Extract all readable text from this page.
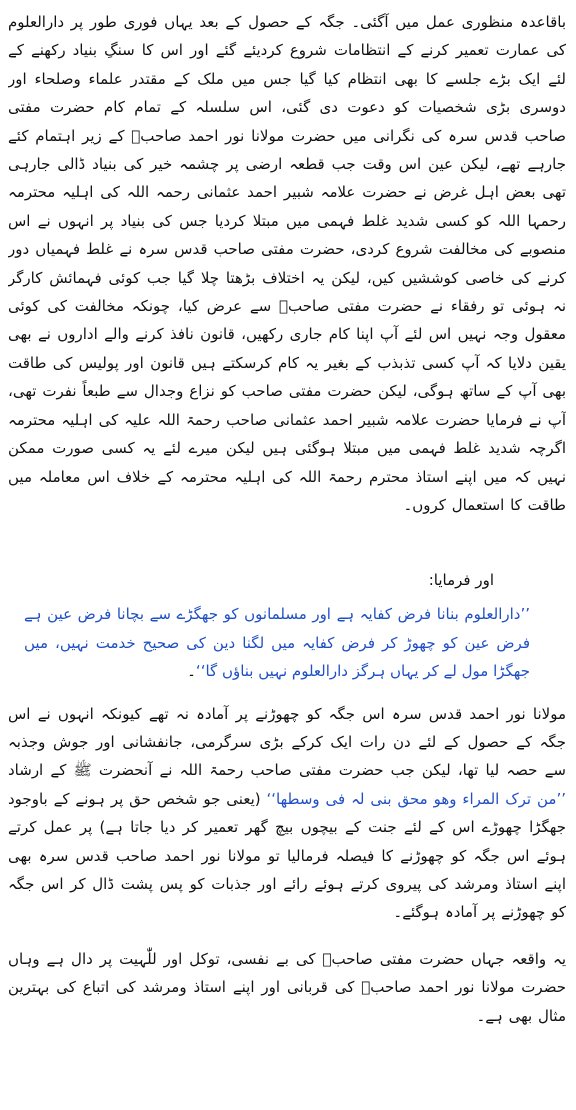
باقاعدہ منظوری عمل میں آگئی۔ جگہ کے حصول کے بعد یہاں فوری طور پر دارالعلوم کی عمارت تعمیر کرنے کے انتظامات شروع کردیئے گئے اور اس کا سنگِ بنیاد رکھنے کے لئے ایک بڑے جلسے کا بھی انتظام کیا گیا جس میں ملک کے مقتدر علماء وصلحاء اور دوسری بڑی شخصیات کو دعوت دی گئی، اس سلسلہ کے تمام کام حضرت مفتی صاحب قدس سرہ کی نگرانی میں حضرت مولانا نور احمد صاحبؒ کے زیر اہتمام کئے جارہے تھے، لیکن عین اس وقت جب قطعہ ارضی پر چشمہ خیر کی بنیاد ڈالی جارہی تھی بعض اہل غرض نے حضرت علامہ شبیر احمد عثمانی رحمہ اللہ کی اہلیہ محترمہ رحمہا اللہ کو کسی شدید غلط فہمی میں مبتلا کردیا جس کی بنیاد پر انہوں نے اس منصوبے کی مخالفت شروع کردی، حضرت مفتی صاحب قدس سرہ نے غلط فہمیاں دور کرنے کی خاصی کوششیں کیں، لیکن یہ اختلاف بڑھتا چلا گیا جب کوئی فہمائش کارگر نہ ہوئی تو رفقاء نے حضرت مفتی صاحبؒ سے عرض کیا، چونکہ مخالفت کی کوئی معقول وجہ نہیں اس لئے آپ اپنا کام جاری رکھیں، قانون نافذ کرنے والے اداروں نے بھی یقین دلایا کہ آپ کسی تذبذب کے بغیر یہ کام کرسکتے ہیں قانون اور پولیس کی طاقت بھی آپ کے ساتھ ہوگی، لیکن حضرت مفتی صاحب کو نزاع وجدال سے طبعاً نفرت تھی، آپ نے فرمایا حضرت علامہ شبیر احمد عثمانی صاحب رحمۃ اللہ علیہ کی اہلیہ محترمہ اگرچہ شدید غلط فہمی میں مبتلا ہوگئی ہیں لیکن میرے لئے یہ کسی صورت ممکن نہیں کہ میں اپنے استاذ محترم رحمۃ اللہ کی اہلیہ محترمہ کے خلاف اس معاملہ میں طاقت کا استعمال کروں۔

اور فرمایا:

’’دارالعلوم بنانا فرض کفایہ ہے اور مسلمانوں کو جھگڑے سے بچانا فرض عین ہے فرض عین کو چھوڑ کر فرض کفایہ میں لگنا دین کی صحیح خدمت نہیں، میں جھگڑا مول لے کر یہاں ہرگز دارالعلوم نہیں بناؤں گا‘‘۔

مولانا نور احمد قدس سرہ اس جگہ کو چھوڑنے پر آمادہ نہ تھے کیونکہ انہوں نے اس جگہ کے حصول کے لئے دن رات ایک کرکے بڑی سرگرمی، جانفشانی اور جوش وجذبہ سے حصہ لیا تھا، لیکن جب حضرت مفتی صاحب رحمۃ اللہ نے آنحضرت ﷺ کے ارشاد ’’من ترک المراء وھو محق بنی لہ فی وسطھا‘‘ (یعنی جو شخص حق پر ہونے کے باوجود جھگڑا چھوڑے اس کے لئے جنت کے بیچوں بیچ گھر تعمیر کر دیا جاتا ہے) پر عمل کرتے ہوئے اس جگہ کو چھوڑنے کا فیصلہ فرمالیا تو مولانا نور احمد صاحب قدس سرہ بھی اپنے استاذ ومرشد کی پیروی کرتے ہوئے رائے اور جذبات کو پس پشت ڈال کر اس جگہ کو چھوڑنے پر آمادہ ہوگئے۔

یہ واقعہ جہاں حضرت مفتی صاحبؒ کی بے نفسی، توکل اور للّٰہیت پر دال ہے وہاں حضرت مولانا نور احمد صاحبؒ کی قربانی اور اپنے استاذ ومرشد کی اتباع کی بہترین مثال بھی ہے۔
